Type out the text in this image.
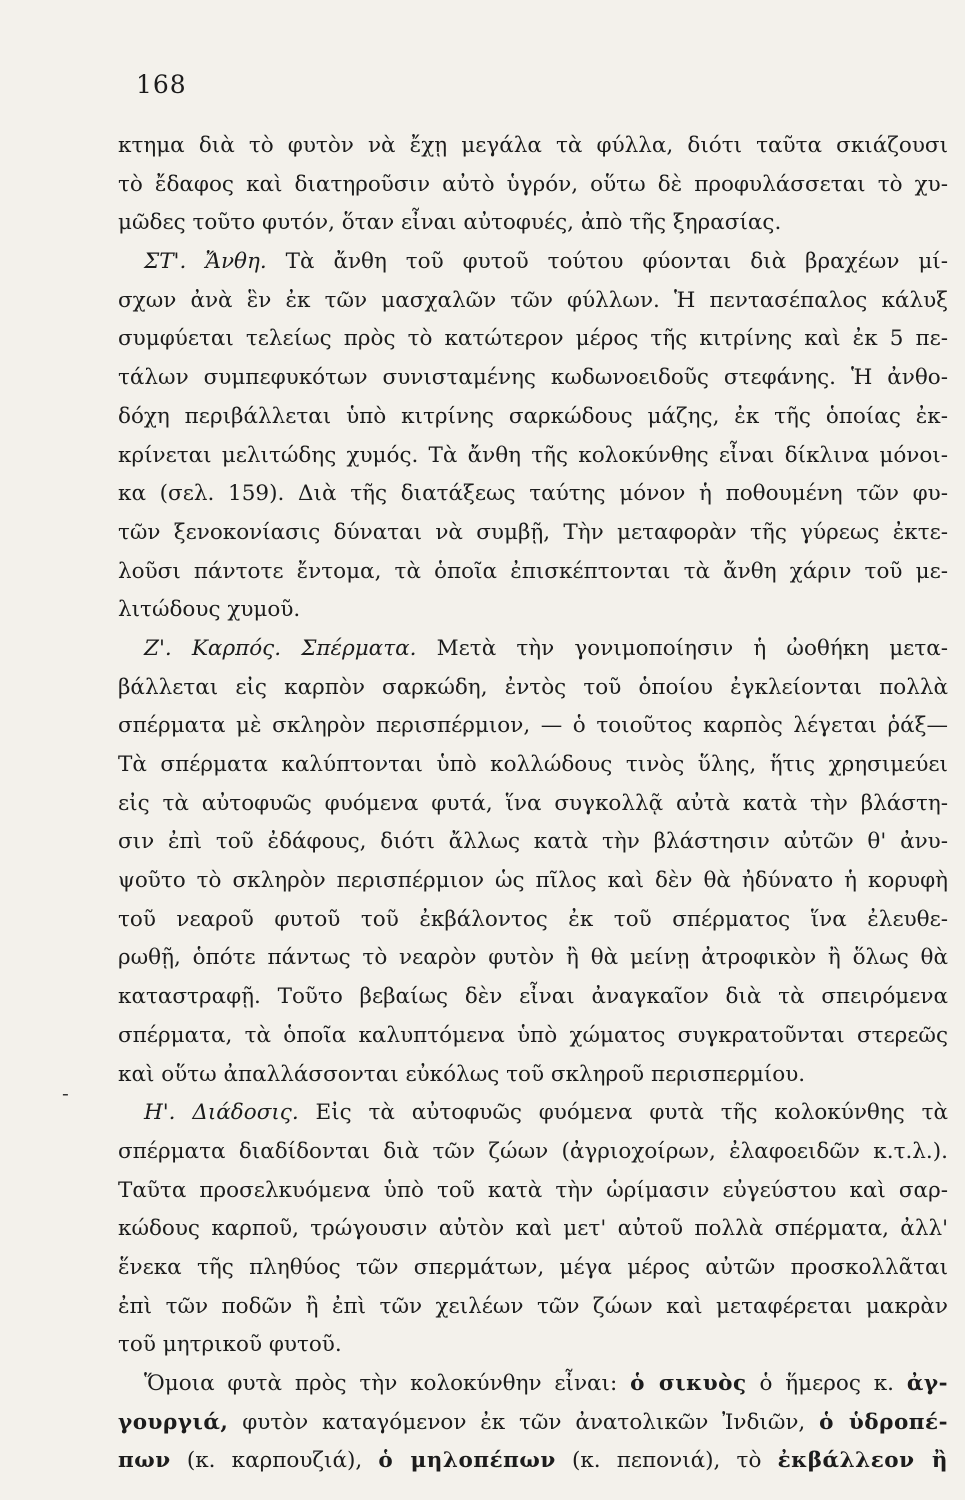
168
-
κτημα διὰ τὸ φυτὸν νὰ ἔχῃ μεγάλα τὰ φύλλα, διότι ταῦτα σκιάζουσι
τὸ ἔδαφος καὶ διατηροῦσιν αὐτὸ ὑγρόν, οὕτω δὲ προφυλάσσεται τὸ χυ-
μῶδες τοῦτο φυτόν, ὅταν εἶναι αὐτοφυές, ἀπὸ τῆς ξηρασίας.
ΣΤ'. Ἄνθη. Τὰ ἄνθη τοῦ φυτοῦ τούτου φύονται διὰ βραχέων μί-
σχων ἀνὰ ἓν ἐκ τῶν μασχαλῶν τῶν φύλλων. Ἡ πεντασέπαλος κάλυξ
συμφύεται τελείως πρὸς τὸ κατώτερον μέρος τῆς κιτρίνης καὶ ἐκ 5 πε-
τάλων συμπεφυκότων συνισταμένης κωδωνοειδοῦς στεφάνης. Ἡ ἀνθο-
δόχη περιβάλλεται ὑπὸ κιτρίνης σαρκώδους μάζης, ἐκ τῆς ὁποίας ἐκ-
κρίνεται μελιτώδης χυμός. Τὰ ἄνθη τῆς κολοκύνθης εἶναι δίκλινα μόνοι-
κα (σελ. 159). Διὰ τῆς διατάξεως ταύτης μόνον ἡ ποθουμένη τῶν φυ-
τῶν ξενοκονίασις δύναται νὰ συμβῇ, Τὴν μεταφορὰν τῆς γύρεως ἐκτε-
λοῦσι πάντοτε ἔντομα, τὰ ὁποῖα ἐπισκέπτονται τὰ ἄνθη χάριν τοῦ με-
λιτώδους χυμοῦ.
Ζ'. Καρπός. Σπέρματα. Μετὰ τὴν γονιμοποίησιν ἡ ὠοθήκη μετα-
βάλλεται εἰς καρπὸν σαρκώδη, ἐντὸς τοῦ ὁποίου ἐγκλείονται πολλὰ
σπέρματα μὲ σκληρὸν περισπέρμιον, — ὁ τοιοῦτος καρπὸς λέγεται ῥάξ—
Τὰ σπέρματα καλύπτονται ὑπὸ κολλώδους τινὸς ὕλης, ἥτις χρησιμεύει
εἰς τὰ αὐτοφυῶς φυόμενα φυτά, ἵνα συγκολλᾷ αὐτὰ κατὰ τὴν βλάστη-
σιν ἐπὶ τοῦ ἐδάφους, διότι ἄλλως κατὰ τὴν βλάστησιν αὐτῶν θ' ἀνυ-
ψοῦτο τὸ σκληρὸν περισπέρμιον ὡς πῖλος καὶ δὲν θὰ ἠδύνατο ἡ κορυφὴ
τοῦ νεαροῦ φυτοῦ τοῦ ἐκβάλοντος ἐκ τοῦ σπέρματος ἵνα ἐλευθε-
ρωθῇ, ὁπότε πάντως τὸ νεαρὸν φυτὸν ἢ θὰ μείνῃ ἀτροφικὸν ἢ ὅλως θὰ
καταστραφῇ. Τοῦτο βεβαίως δὲν εἶναι ἀναγκαῖον διὰ τὰ σπειρόμενα
σπέρματα, τὰ ὁποῖα καλυπτόμενα ὑπὸ χώματος συγκρατοῦνται στερεῶς
καὶ οὕτω ἀπαλλάσσονται εὐκόλως τοῦ σκληροῦ περισπερμίου.
Η'. Διάδοσις. Εἰς τὰ αὐτοφυῶς φυόμενα φυτὰ τῆς κολοκύνθης τὰ
σπέρματα διαδίδονται διὰ τῶν ζώων (ἀγριοχοίρων, ἐλαφοειδῶν κ.τ.λ.).
Ταῦτα προσελκυόμενα ὑπὸ τοῦ κατὰ τὴν ὡρίμασιν εὐγεύστου καὶ σαρ-
κώδους καρποῦ, τρώγουσιν αὐτὸν καὶ μετ' αὐτοῦ πολλὰ σπέρματα, ἀλλ'
ἕνεκα τῆς πληθύος τῶν σπερμάτων, μέγα μέρος αὐτῶν προσκολλᾶται
ἐπὶ τῶν ποδῶν ἢ ἐπὶ τῶν χειλέων τῶν ζώων καὶ μεταφέρεται μακρὰν
τοῦ μητρικοῦ φυτοῦ.
Ὅμοια φυτὰ πρὸς τὴν κολοκύνθην εἶναι: ὁ σικυὸς ὁ ἥμερος κ. ἀγ-
γουργιά, φυτὸν καταγόμενον ἐκ τῶν ἀνατολικῶν Ἰνδιῶν, ὁ ὑδροπέ-
πων (κ. καρπουζιά), ὁ μηλοπέπων (κ. πεπονιά), τὸ ἐκβάλλεον ἢ
